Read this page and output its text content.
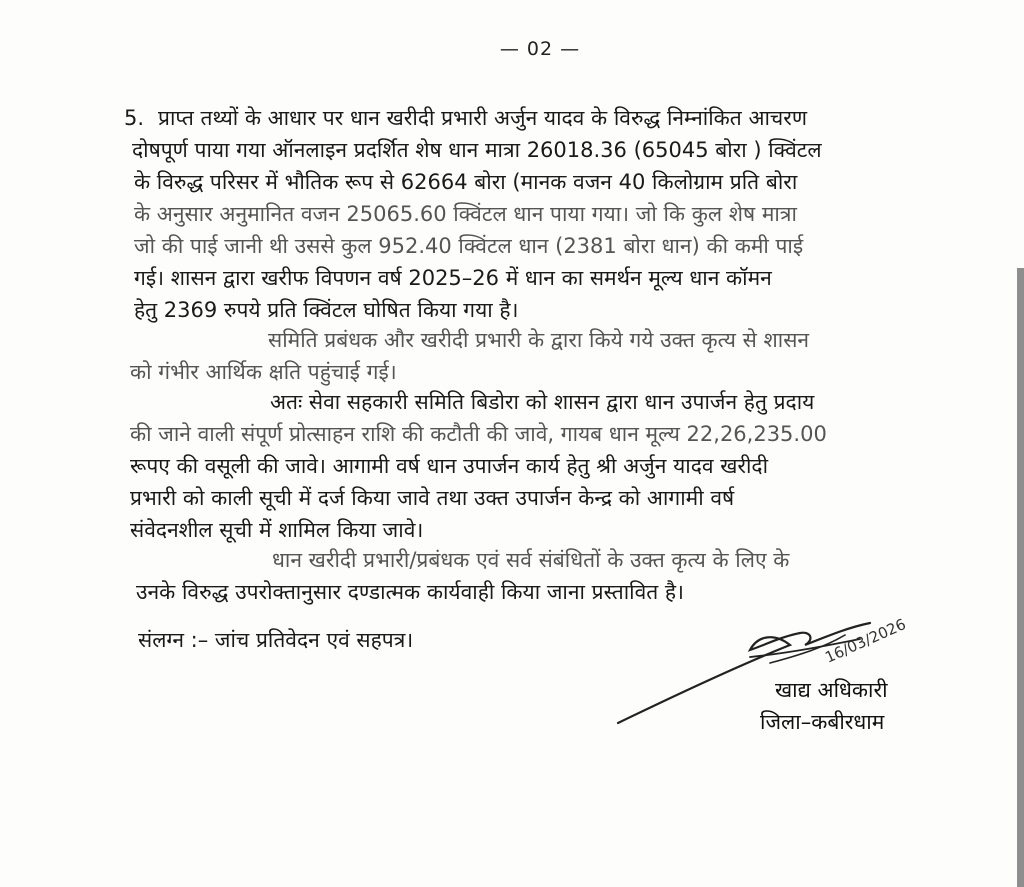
— 02 —
5. प्राप्त तथ्यों के आधार पर धान खरीदी प्रभारी अर्जुन यादव के विरुद्ध निम्नांकित आचरण
दोषपूर्ण पाया गया ऑनलाइन प्रदर्शित शेष धान मात्रा 26018.36 (65045 बोरा ) क्विंटल
के विरुद्ध परिसर में भौतिक रूप से 62664 बोरा (मानक वजन 40 किलोग्राम प्रति बोरा
के अनुसार अनुमानित वजन 25065.60 क्विंटल धान पाया गया। जो कि कुल शेष मात्रा
जो की पाई जानी थी उससे कुल 952.40 क्विंटल धान (2381 बोरा धान) की कमी पाई
गई। शासन द्वारा खरीफ विपणन वर्ष 2025–26 में धान का समर्थन मूल्य धान कॉमन
हेतु 2369 रुपये प्रति क्विंटल घोषित किया गया है।
समिति प्रबंधक और खरीदी प्रभारी के द्वारा किये गये उक्त कृत्य से शासन
को गंभीर आर्थिक क्षति पहुंचाई गई।
अतः सेवा सहकारी समिति बिडोरा को शासन द्वारा धान उपार्जन हेतु प्रदाय
की जाने वाली संपूर्ण प्रोत्साहन राशि की कटौती की जावे, गायब धान मूल्य 22,26,235.00
रूपए की वसूली की जावे। आगामी वर्ष धान उपार्जन कार्य हेतु श्री अर्जुन यादव खरीदी
प्रभारी को काली सूची में दर्ज किया जावे तथा उक्त उपार्जन केन्द्र को आगामी वर्ष
संवेदनशील सूची में शामिल किया जावे।
धान खरीदी प्रभारी/प्रबंधक एवं सर्व संबंधितों के उक्त कृत्य के लिए के
उनके विरुद्ध उपरोक्तानुसार दण्डात्मक कार्यवाही किया जाना प्रस्तावित है।
संलग्न :– जांच प्रतिवेदन एवं सहपत्र।	16/03/2026
खाद्य अधिकारी
जिला–कबीरधाम
